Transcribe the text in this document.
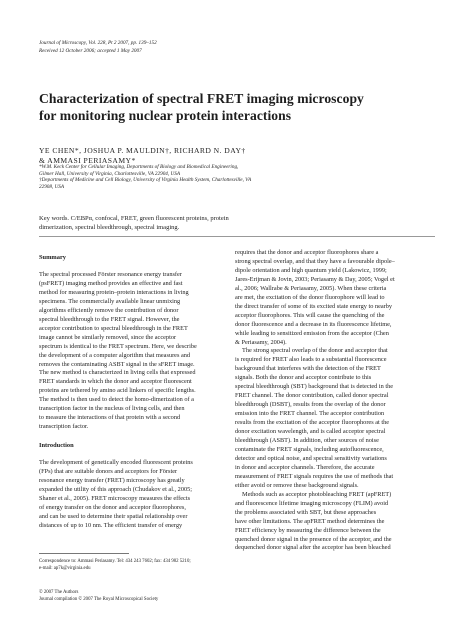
Journal of Microscopy, Vol. 228, Pt 2 2007, pp. 139–152
Received 12 October 2006; accepted 1 May 2007
Characterization of spectral FRET imaging microscopy
for monitoring nuclear protein interactions
YE CHEN*, JOSHUA P. MAULDIN†, RICHARD N. DAY†
& AMMASI PERIASAMY*
*W.M. Keck Center for Cellular Imaging, Departments of Biology and Biomedical Engineering,
Gilmer Hall, University of Virginia, Charlottesville, VA 22904, USA
†Departments of Medicine and Cell Biology, University of Virginia Health System, Charlottesville, VA
22908, USA
Key words. C/EBPα, confocal, FRET, green fluorescent proteins, protein
dimerization, spectral bleedthrough, spectral imaging.
Summary
The spectral processed Förster resonance energy transfer
(psFRET) imaging method provides an effective and fast
method for measuring protein–protein interactions in living
specimens. The commercially available linear unmixing
algorithms efficiently remove the contribution of donor
spectral bleedthrough to the FRET signal. However, the
acceptor contribution to spectral bleedthrough in the FRET
image cannot be similarly removed, since the acceptor
spectrum is identical to the FRET spectrum. Here, we describe
the development of a computer algorithm that measures and
removes the contaminating ASBT signal in the sFRET image.
The new method is characterized in living cells that expressed
FRET standards in which the donor and acceptor fluorescent
proteins are tethered by amino acid linkers of specific lengths.
The method is then used to detect the homo-dimerization of a
transcription factor in the nucleus of living cells, and then
to measure the interactions of that protein with a second
transcription factor.
Introduction
The development of genetically encoded fluorescent proteins
(FPs) that are suitable donors and acceptors for Förster
resonance energy transfer (FRET) microscopy has greatly
expanded the utility of this approach (Chudakov et al., 2005;
Shaner et al., 2005). FRET microscopy measures the effects
of energy transfer on the donor and acceptor fluorophores,
and can be used to determine their spatial relationship over
distances of up to 10 nm. The efficient transfer of energy
requires that the donor and acceptor fluorophores share a
strong spectral overlap, and that they have a favourable dipole–
dipole orientation and high quantum yield (Lakowicz, 1999;
Jares-Erijman & Jovin, 2003; Periasamy & Day, 2005; Vogel et
al., 2006; Wallrabe & Periasamy, 2005). When these criteria
are met, the excitation of the donor fluorophore will lead to
the direct transfer of some of its excited state energy to nearby
acceptor fluorophores. This will cause the quenching of the
donor fluorescence and a decrease in its fluorescence lifetime,
while leading to sensitized emission from the acceptor (Chen
& Periasamy, 2004).
The strong spectral overlap of the donor and acceptor that
is required for FRET also leads to a substantial fluorescence
background that interferes with the detection of the FRET
signals. Both the donor and acceptor contribute to this
spectral bleedthrough (SBT) background that is detected in the
FRET channel. The donor contribution, called donor spectral
bleedthrough (DSBT), results from the overlap of the donor
emission into the FRET channel. The acceptor contribution
results from the excitation of the acceptor fluorophores at the
donor excitation wavelength, and is called acceptor spectral
bleedthrough (ASBT). In addition, other sources of noise
contaminate the FRET signals, including autofluorescence,
detector and optical noise, and spectral sensitivity variations
in donor and acceptor channels. Therefore, the accurate
measurement of FRET signals requires the use of methods that
either avoid or remove these background signals.
Methods such as acceptor photobleaching FRET (apFRET)
and fluorescence lifetime imaging microscopy (FLIM) avoid
the problems associated with SBT, but these approaches
have other limitations. The apFRET method determines the
FRET efficiency by measuring the difference between the
quenched donor signal in the presence of the acceptor, and the
dequenched donor signal after the acceptor has been bleached
Correspondence to: Ammasi Periasamy. Tel: 434 243 7602; fax: 434 982 5210;
e-mail: ap7k@virginia.edu
© 2007 The Authors
Journal compilation © 2007 The Royal Microscopical Society
